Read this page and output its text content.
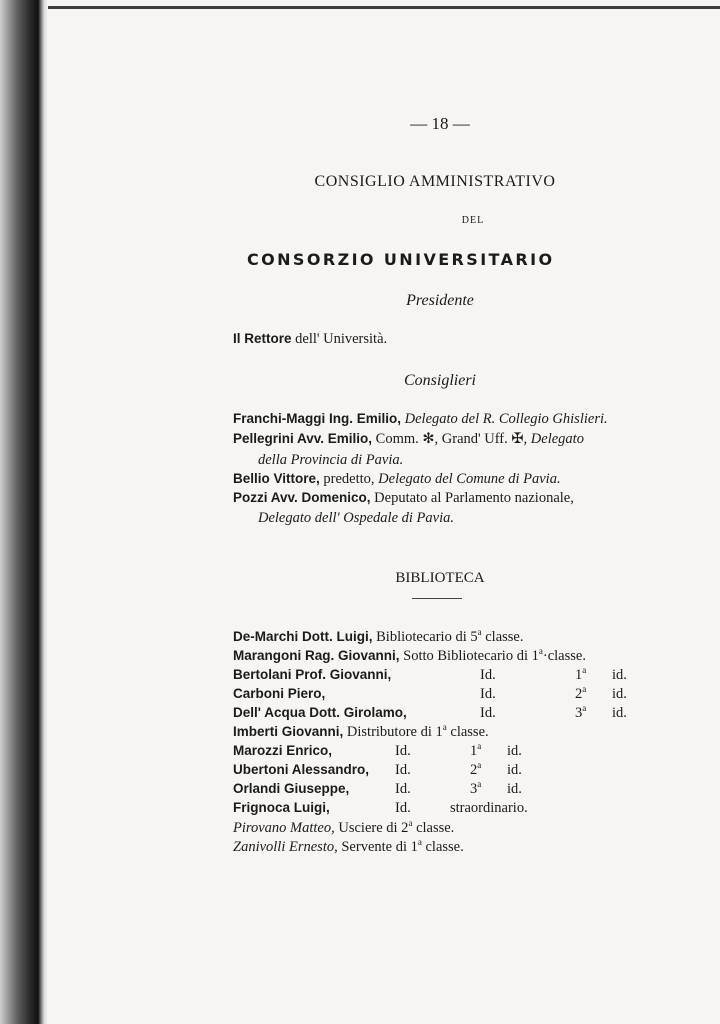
— 18 —
CONSIGLIO AMMINISTRATIVO
DEL
CONSORZIO UNIVERSITARIO
Presidente
Il Rettore dell' Università.
Consiglieri
Franchi-Maggi Ing. Emilio, Delegato del R. Collegio Ghislieri.
Pellegrini Avv. Emilio, Comm. ✻, Grand' Uff. ✠, Delegato
della Provincia di Pavia.
Bellio Vittore, predetto, Delegato del Comune di Pavia.
Pozzi Avv. Domenico, Deputato al Parlamento nazionale,
Delegato dell' Ospedale di Pavia.
BIBLIOTECA
De-Marchi Dott. Luigi, Bibliotecario di 5$^a$ classe.
Marangoni Rag. Giovanni, Sotto Bibliotecario di $1^a\cdot classe$.
Bertolani Prof. Giovanni,	Id.	1$^a$ id.
Carboni Piero,	Id.	2$^a$ id.
Dell' Acqua Dott. Girolamo,	Id.	3$^a$ id.
Imberti Giovanni, Distributore di 1$^a$ classe.
Marozzi Enrico,	Id.	1$^a$ id.
Ubertoni Alessandro, Id.	2$^a$ id.
Orlandi Giuseppe,	Id.	3$^a$ id.
Frignoca Luigi,	Id.	straordinario.
Pirovano Matteo, Usciere di 2$^a$ classe.
Zanivolli Ernesto, Servente di 1$^a$ classe.
